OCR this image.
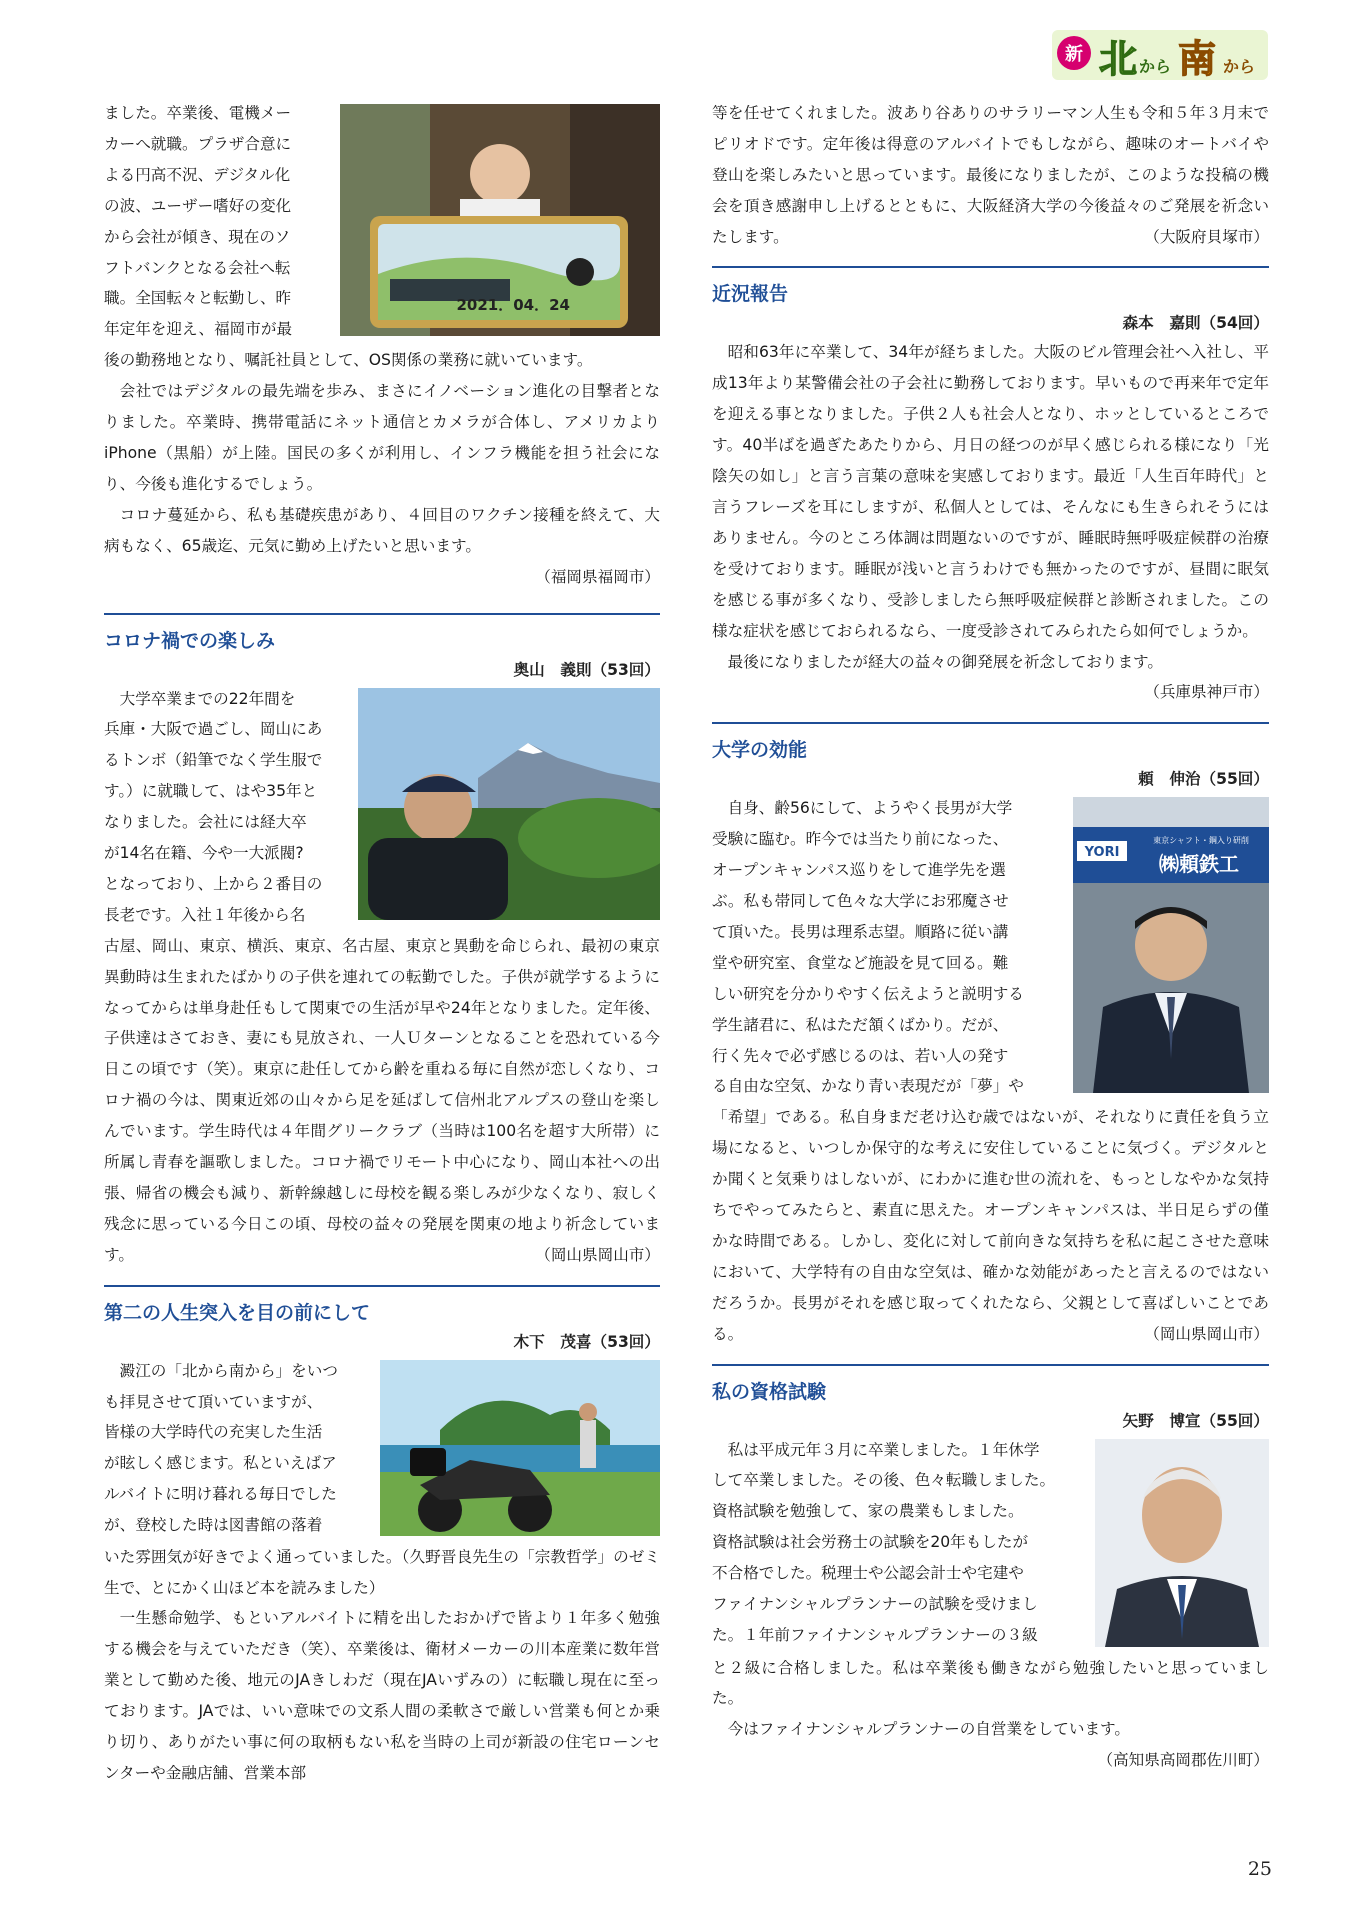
新 北 から 南 から
2021．04．24

ました。卒業後、電機メー

カーへ就職。プラザ合意に

よる円高不況、デジタル化

の波、ユーザー嗜好の変化

から会社が傾き、現在のソ

フトバンクとなる会社へ転

職。全国転々と転勤し、昨

年定年を迎え、福岡市が最

後の勤務地となり、嘱託社員として、OS関係の業務に就いています。

会社ではデジタルの最先端を歩み、まさにイノベーション進化の目撃者となりました。卒業時、携帯電話にネット通信とカメラが合体し、アメリカよりiPhone（黒船）が上陸。国民の多くが利用し、インフラ機能を担う社会になり、今後も進化するでしょう。

コロナ蔓延から、私も基礎疾患があり、４回目のワクチン接種を終えて、大病もなく、65歳迄、元気に勤め上げたいと思います。

（福岡県福岡市）
コロナ禍での楽しみ
奥山　義則（53回）

大学卒業までの22年間を

兵庫・大阪で過ごし、岡山にあ

るトンボ（鉛筆でなく学生服で

す。）に就職して、はや35年と

なりました。会社には経大卒

が14名在籍、今や一大派閥?

となっており、上から２番目の

長老です。入社１年後から名

古屋、岡山、東京、横浜、東京、名古屋、東京と異動を命じられ、最初の東京異動時は生まれたばかりの子供を連れての転勤でした。子供が就学するようになってからは単身赴任もして関東での生活が早や24年となりました。定年後、子供達はさておき、妻にも見放され、一人Ｕターンとなることを恐れている今日この頃です（笑）。東京に赴任してから齢を重ねる毎に自然が恋しくなり、コロナ禍の今は、関東近郊の山々から足を延ばして信州北アルプスの登山を楽しんでいます。学生時代は４年間グリークラブ（当時は100名を超す大所帯）に所属し青春を謳歌しました。コロナ禍でリモート中心になり、岡山本社への出張、帰省の機会も減り、新幹線越しに母校を観る楽しみが少なくなり、寂しく残念に思っている今日この頃、母校の益々の発展を関東の地より祈念しています。	（岡山県岡山市）
第二の人生突入を目の前にして
木下　茂喜（53回）

澱江の「北から南から」をいつ

も拝見させて頂いていますが、

皆様の大学時代の充実した生活

が眩しく感じます。私といえばア

ルバイトに明け暮れる毎日でした

が、登校した時は図書館の落着

いた雰囲気が好きでよく通っていました。（久野晋良先生の「宗教哲学」のゼミ生で、とにかく山ほど本を読みました）

一生懸命勉学、もといアルバイトに精を出したおかげで皆より１年多く勉強する機会を与えていただき（笑）、卒業後は、衛材メーカーの川本産業に数年営業として勤めた後、地元のJAきしわだ（現在JAいずみの）に転職し現在に至っております。JAでは、いい意味での文系人間の柔軟さで厳しい営業も何とか乗り切り、ありがたい事に何の取柄もない私を当時の上司が新設の住宅ローンセンターや金融店舗、営業本部

等を任せてくれました。波あり谷ありのサラリーマン人生も令和５年３月末でピリオドです。定年後は得意のアルバイトでもしながら、趣味のオートバイや登山を楽しみたいと思っています。最後になりましたが、このような投稿の機会を頂き感謝申し上げるとともに、大阪経済大学の今後益々のご発展を祈念いたします。	（大阪府貝塚市）
近況報告
森本　嘉則（54回）

昭和63年に卒業して、34年が経ちました。大阪のビル管理会社へ入社し、平成13年より某警備会社の子会社に勤務しております。早いもので再来年で定年を迎える事となりました。子供２人も社会人となり、ホッとしているところです。40半ばを過ぎたあたりから、月日の経つのが早く感じられる様になり「光陰矢の如し」と言う言葉の意味を実感しております。最近「人生百年時代」と言うフレーズを耳にしますが、私個人としては、そんなにも生きられそうにはありません。今のところ体調は問題ないのですが、睡眠時無呼吸症候群の治療を受けております。睡眠が浅いと言うわけでも無かったのですが、昼間に眠気を感じる事が多くなり、受診しましたら無呼吸症候群と診断されました。この様な症状を感じておられるなら、一度受診されてみられたら如何でしょうか。

最後になりましたが経大の益々の御発展を祈念しております。

（兵庫県神戸市）
大学の効能
頼　伸治（55回）
YORI
東京シャフト・鋼入り研削
㈱頼鉄工

自身、齢56にして、ようやく長男が大学

受験に臨む。昨今では当たり前になった、

オープンキャンパス巡りをして進学先を選

ぶ。私も帯同して色々な大学にお邪魔させ

て頂いた。長男は理系志望。順路に従い講

堂や研究室、食堂など施設を見て回る。難

しい研究を分かりやすく伝えようと説明する

学生諸君に、私はただ頷くばかり。だが、

行く先々で必ず感じるのは、若い人の発す

る自由な空気、かなり青い表現だが「夢」や

「希望」である。私自身まだ老け込む歳ではないが、それなりに責任を負う立場になると、いつしか保守的な考えに安住していることに気づく。デジタルとか聞くと気乗りはしないが、にわかに進む世の流れを、もっとしなやかな気持ちでやってみたらと、素直に思えた。オープンキャンパスは、半日足らずの僅かな時間である。しかし、変化に対して前向きな気持ちを私に起こさせた意味において、大学特有の自由な空気は、確かな効能があったと言えるのではないだろうか。長男がそれを感じ取ってくれたなら、父親として喜ばしいことである。	（岡山県岡山市）
私の資格試験
矢野　博宣（55回）

私は平成元年３月に卒業しました。１年休学

して卒業しました。その後、色々転職しました。

資格試験を勉強して、家の農業もしました。

資格試験は社会労務士の試験を20年もしたが

不合格でした。税理士や公認会計士や宅建や

ファイナンシャルプランナーの試験を受けまし

た。１年前ファイナンシャルプランナーの３級

と２級に合格しました。私は卒業後も働きながら勉強したいと思っていました。

今はファイナンシャルプランナーの自営業をしています。

（高知県高岡郡佐川町）
25
